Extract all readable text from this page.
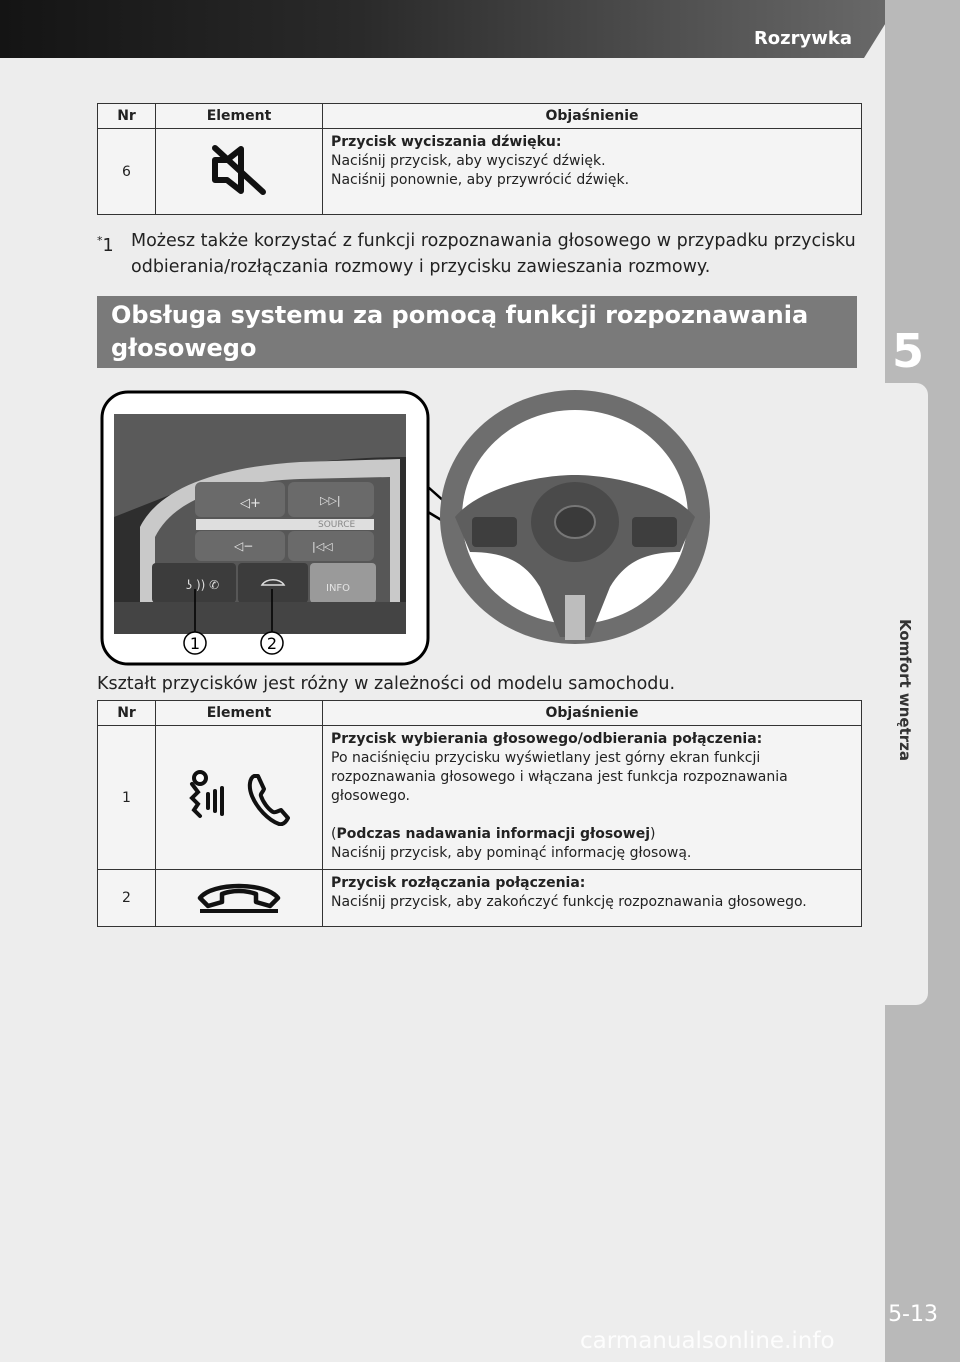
Rozrywka
5
Komfort wnętrza
5-13
carmanualsonline.info
Nr	Element	Objaśnienie
6		Przycisk wyciszania dźwięku:
Naciśnij przycisk, aby wyciszyć dźwięk.
Naciśnij ponownie, aby przywrócić dźwięk.
*1 Możesz także korzystać z funkcji rozpoznawania głosowego w przypadku przycisku odbierania/rozłączania rozmowy i przycisku zawieszania rozmowy.
Obsługa systemu za pomocą funkcji rozpoznawania głosowego
◁+
◁−
SOURCE
▷▷|
|◁◁
INFO
ʖ )) ✆
1	2
Kształt przycisków jest różny w zależności od modelu samochodu.
Nr	Element	Objaśnienie
1		Przycisk wybierania głosowego/odbierania połączenia:
Po naciśnięciu przycisku wyświetlany jest górny ekran funkcji rozpoznawania głosowego i włączana jest funkcja rozpoznawania głosowego.
(Podczas nadawania informacji głosowej)
Naciśnij przycisk, aby pominąć informację głosową.

2		Przycisk rozłączania połączenia:
Naciśnij przycisk, aby zakończyć funkcję rozpoznawania głosowego.
